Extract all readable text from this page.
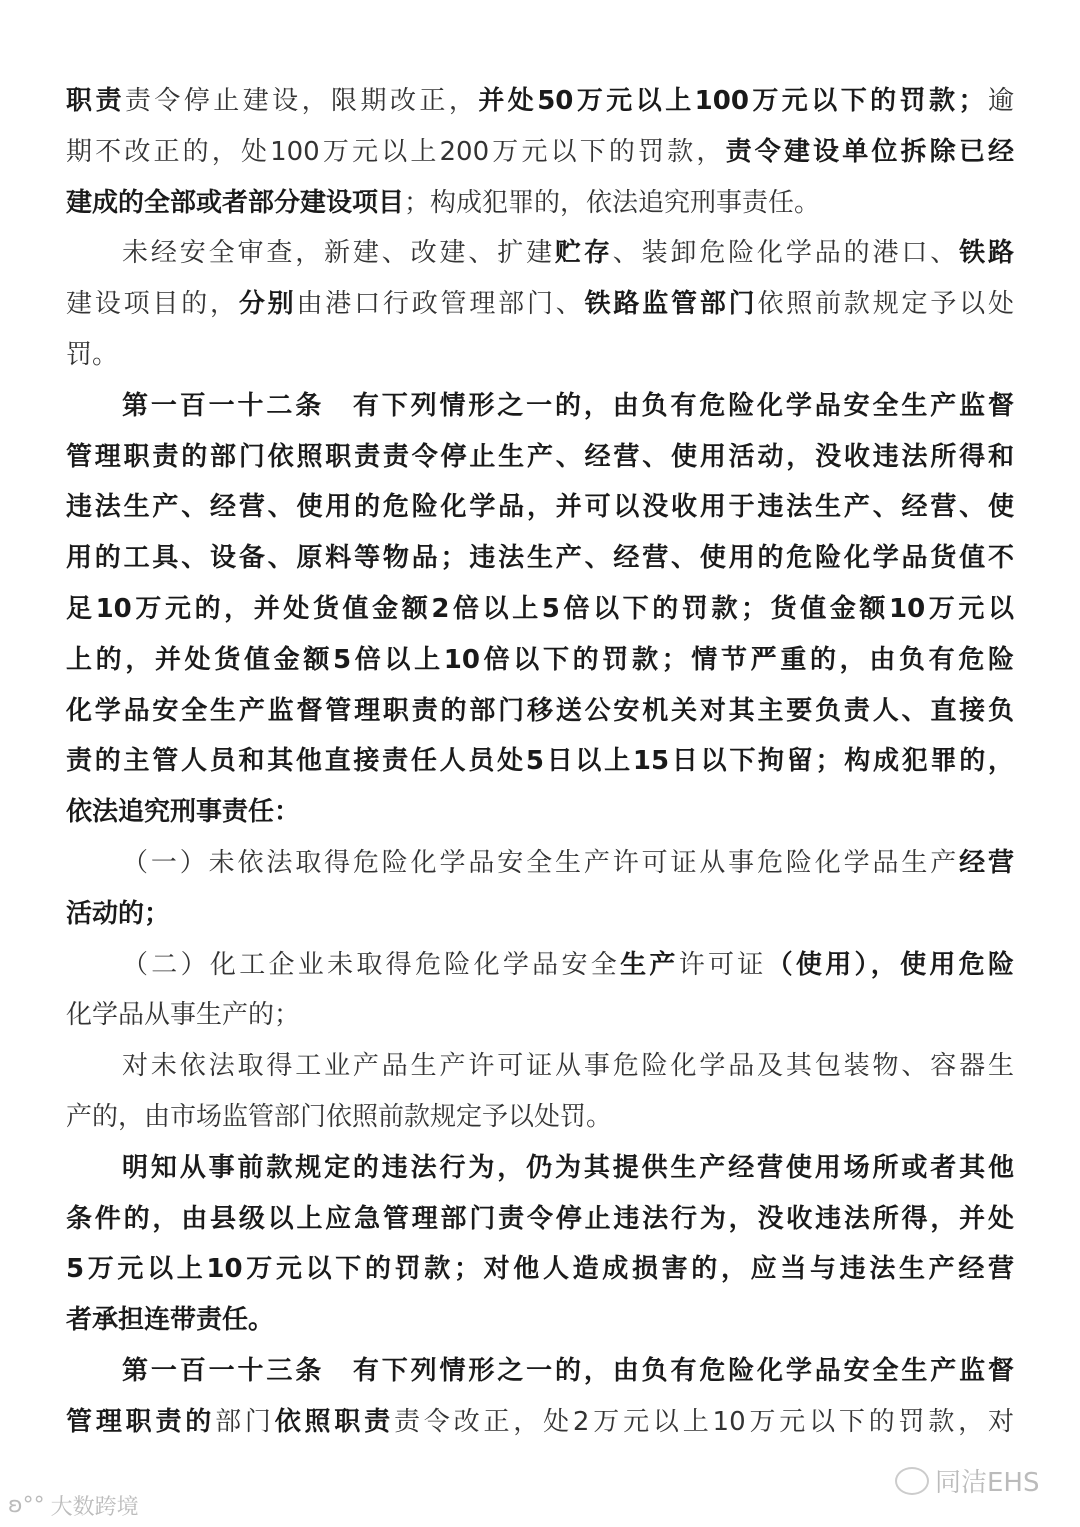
职责责令停止建设，限期改正，并处50万元以上100万元以下的罚款；逾
期不改正的，处100万元以上200万元以下的罚款，责令建设单位拆除已经
建成的全部或者部分建设项目；构成犯罪的，依法追究刑事责任。
未经安全审查，新建、改建、扩建贮存、装卸危险化学品的港口、铁路
建设项目的，分别由港口行政管理部门、铁路监管部门依照前款规定予以处
罚。
第一百一十二条　有下列情形之一的，由负有危险化学品安全生产监督
管理职责的部门依照职责责令停止生产、经营、使用活动，没收违法所得和
违法生产、经营、使用的危险化学品，并可以没收用于违法生产、经营、使
用的工具、设备、原料等物品；违法生产、经营、使用的危险化学品货值不
足10万元的，并处货值金额2倍以上5倍以下的罚款；货值金额10万元以
上的，并处货值金额5倍以上10倍以下的罚款；情节严重的，由负有危险
化学品安全生产监督管理职责的部门移送公安机关对其主要负责人、直接负
责的主管人员和其他直接责任人员处5日以上15日以下拘留；构成犯罪的，
依法追究刑事责任：
（一）未依法取得危险化学品安全生产许可证从事危险化学品生产经营
活动的；
（二）化工企业未取得危险化学品安全生产许可证（使用），使用危险
化学品从事生产的；
对未依法取得工业产品生产许可证从事危险化学品及其包装物、容器生
产的，由市场监管部门依照前款规定予以处罚。
明知从事前款规定的违法行为，仍为其提供生产经营使用场所或者其他
条件的，由县级以上应急管理部门责令停止违法行为，没收违法所得，并处
5万元以上10万元以下的罚款；对他人造成损害的，应当与违法生产经营
者承担连带责任。
第一百一十三条　有下列情形之一的，由负有危险化学品安全生产监督
管理职责的部门依照职责责令改正，处2万元以上10万元以下的罚款，对
ʚ°° 大数跨境
同洁EHS
